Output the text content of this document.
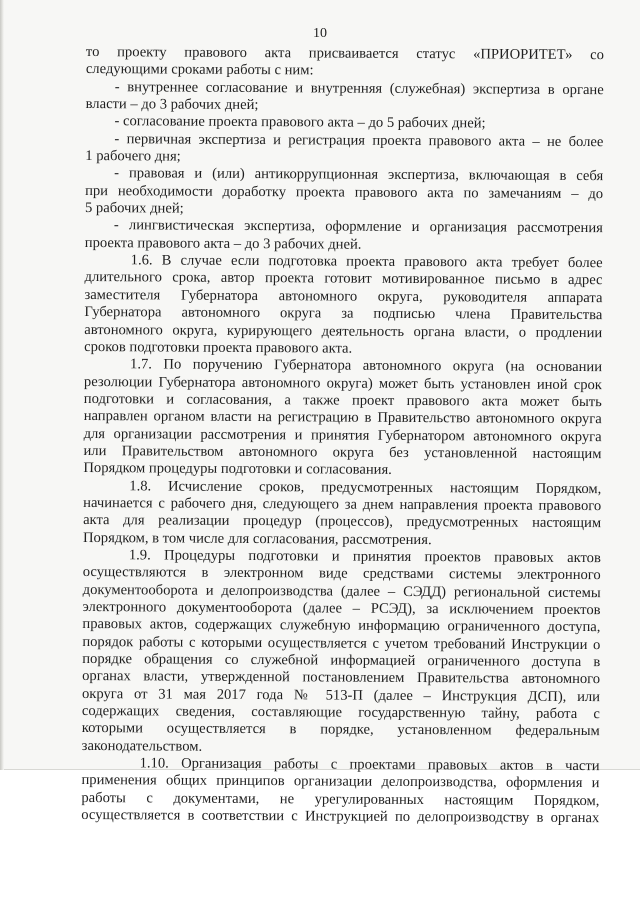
10
то проекту правового акта присваивается статус «ПРИОРИТЕТ» со
следующими сроками работы с ним:
- внутреннее согласование и внутренняя (служебная) экспертиза в органе
власти – до 3 рабочих дней;
- согласование проекта правового акта – до 5 рабочих дней;
- первичная экспертиза и регистрация проекта правового акта – не более
1 рабочего дня;
- правовая и (или) антикоррупционная экспертиза, включающая в себя
при необходимости доработку проекта правового акта по замечаниям – до
5 рабочих дней;
- лингвистическая экспертиза, оформление и организация рассмотрения
проекта правового акта – до 3 рабочих дней.
1.6. В случае если подготовка проекта правового акта требует более
длительного срока, автор проекта готовит мотивированное письмо в адрес
заместителя Губернатора автономного округа, руководителя аппарата
Губернатора автономного округа за подписью члена Правительства
автономного округа, курирующего деятельность органа власти, о продлении
сроков подготовки проекта правового акта.
1.7. По поручению Губернатора автономного округа (на основании
резолюции Губернатора автономного округа) может быть установлен иной срок
подготовки и согласования, а также проект правового акта может быть
направлен органом власти на регистрацию в Правительство автономного округа
для организации рассмотрения и принятия Губернатором автономного округа
или Правительством автономного округа без установленной настоящим
Порядком процедуры подготовки и согласования.
1.8. Исчисление сроков, предусмотренных настоящим Порядком,
начинается с рабочего дня, следующего за днем направления проекта правового
акта для реализации процедур (процессов), предусмотренных настоящим
Порядком, в том числе для согласования, рассмотрения.
1.9. Процедуры подготовки и принятия проектов правовых актов
осуществляются в электронном виде средствами системы электронного
документооборота и делопроизводства (далее – СЭДД) региональной системы
электронного документооборота (далее – РСЭД), за исключением проектов
правовых актов, содержащих служебную информацию ограниченного доступа,
порядок работы с которыми осуществляется с учетом требований Инструкции о
порядке обращения со служебной информацией ограниченного доступа в
органах власти, утвержденной постановлением Правительства автономного
округа от 31 мая 2017 года № 513-П (далее – Инструкция ДСП), или
содержащих сведения, составляющие государственную тайну, работа с
которыми осуществляется в порядке, установленном федеральным
законодательством.
1.10. Организация работы с проектами правовых актов в части
применения общих принципов организации делопроизводства, оформления и
работы с документами, не урегулированных настоящим Порядком,
осуществляется в соответствии с Инструкцией по делопроизводству в органах
